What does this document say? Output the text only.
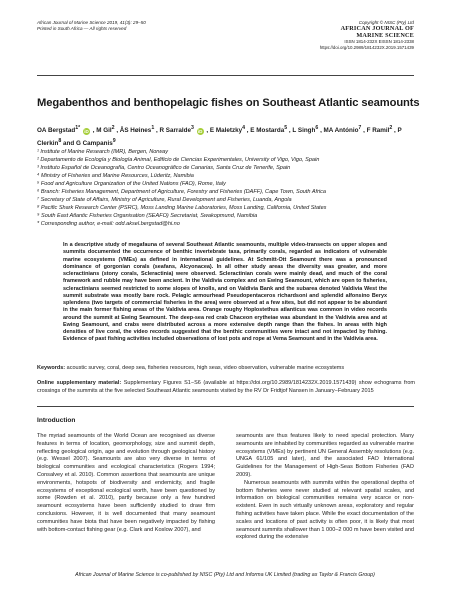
African Journal of Marine Science 2019, 41(3): 29–50
Printed in South Africa — All rights reserved
Copyright © NISC (Pty) Ltd
AFRICAN JOURNAL OF
MARINE SCIENCE
ISSN 1814-232X EISSN 1814-2338
https://doi.org/10.2989/1814232X.2019.1571439
Megabenthos and benthopelagic fishes on Southeast Atlantic seamounts
OA Bergstad$^{1*}$ iD , M Gil$^2$ , ÅS Høines$^1$ , R Sarralde$^3$ iD , E Maletzky$^4$ , E Mostarda$^5$ , L Singh$^6$ , MA António$^7$ , F Ramil$^2$ , P Clerkin$^8$ and G Campanis$^9$
¹ Institute of Marine Research (IMR), Bergen, Norway
² Departamento de Ecología y Biología Animal, Edificio de Ciencias Experimentales, University of Vigo, Vigo, Spain
³ Instituto Español de Oceanografía, Centro Oceanográfico de Canarias, Santa Cruz de Tenerife, Spain
⁴ Ministry of Fisheries and Marine Resources, Lüderitz, Namibia
⁵ Food and Agriculture Organization of the United Nations (FAO), Rome, Italy
⁶ Branch: Fisheries Management, Department of Agriculture, Forestry and Fisheries (DAFF), Cape Town, South Africa
⁷ Secretary of State of Affairs, Ministry of Agriculture, Rural Development and Fisheries, Luanda, Angola
⁸ Pacific Shark Research Center (PSRC), Moss Landing Marine Laboratories, Moss Landing, California, United States
⁹ South East Atlantic Fisheries Organisation (SEAFO) Secretariat, Swakopmund, Namibia
* Corresponding author, e-mail: odd.aksel.bergstad@hi.no

In a descriptive study of megafauna of several Southeast Atlantic seamounts, multiple video-transects on upper slopes and summits documented the occurrence of benthic invertebrate taxa, primarily corals, regarded as indicators of vulnerable marine ecosystems (VMEs) as defined in international guidelines. At Schmitt-Ott Seamount there was a pronounced dominance of gorgonian corals (seafans, Alcyonacea). In all other study areas the diversity was greater, and more scleractinians (stony corals, Scleractinia) were observed. Scleractinian corals were mainly dead, and much of the coral framework and rubble may have been ancient. In the Valdivia complex and on Ewing Seamount, which are open to fisheries, scleractinians seemed restricted to some slopes of knolls, and on Valdivia Bank and the subarea denoted Valdivia West the summit substrate was mostly bare rock. Pelagic armourhead Pseudopentaceros richardsoni and splendid alfonsino Beryx splendens (two targets of commercial fisheries in the area) were observed at a few sites, but did not appear to be abundant in the main former fishing areas of the Valdivia area. Orange roughy Hoplostethus atlanticus was common in video records around the summit at Ewing Seamount. The deep-sea red crab Chaceon erytheiae was abundant in the Valdivia area and at Ewing Seamount, and crabs were distributed across a more extensive depth range than the fishes. In areas with high densities of live coral, the video records suggested that the benthic communities were intact and not impacted by fishing. Evidence of past fishing activities included observations of lost pots and rope at Vema Seamount and in the Valdivia area.

Keywords: acoustic survey, coral, deep sea, fisheries resources, high seas, video observation, vulnerable marine ecosystems

Online supplementary material: Supplementary Figures S1−S6 (available at https://doi.org/10.2989/1814232X.2019.1571439) show echograms from crossings of the summits at the five selected Southeast Atlantic seamounts visited by the RV Dr Fridtjof Nansen in January−February 2015

Introduction

The myriad seamounts of the World Ocean are recognised as diverse features in terms of location, geomorphology, size and summit depth, reflecting geological origin, age and evolution through geological history (e.g. Wessel 2007). Seamounts are also very diverse in terms of biological communities and ecological characteristics (Rogers 1994; Consalvey et al. 2010). Common assertions that seamounts are unique environments, hotspots of biodiversity and endemicity, and fragile ecosystems of exceptional ecological worth, have been questioned by some (Rowden et al. 2010), partly because only a few hundred seamount ecosystems have been sufficiently studied to draw firm conclusions. However, it is well documented that many seamount communities have biota that have been negatively impacted by fishing with bottom-contact fishing gear (e.g. Clark and Koslow 2007), and

seamounts are thus features likely to need special protection. Many seamounts are inhabited by communities regarded as vulnerable marine ecosystems (VMEs) by pertinent UN General Assembly resolutions (e.g. UNGA 61/105 and later), and the associated FAO International Guidelines for the Management of High-Seas Bottom Fisheries (FAO 2009).

Numerous seamounts with summits within the operational depths of bottom fisheries were never studied at relevant spatial scales, and information on biological communities remains very scarce or non-existent. Even in such virtually unknown areas, exploratory and regular fishing activities have taken place. While the exact documentation of the scales and locations of past activity is often poor, it is likely that most seamount summits shallower than 1 000–2 000 m have been visited and explored during the extensive

African Journal of Marine Science is co-published by NISC (Pty) Ltd and Informa UK Limited (trading as Taylor & Francis Group)
